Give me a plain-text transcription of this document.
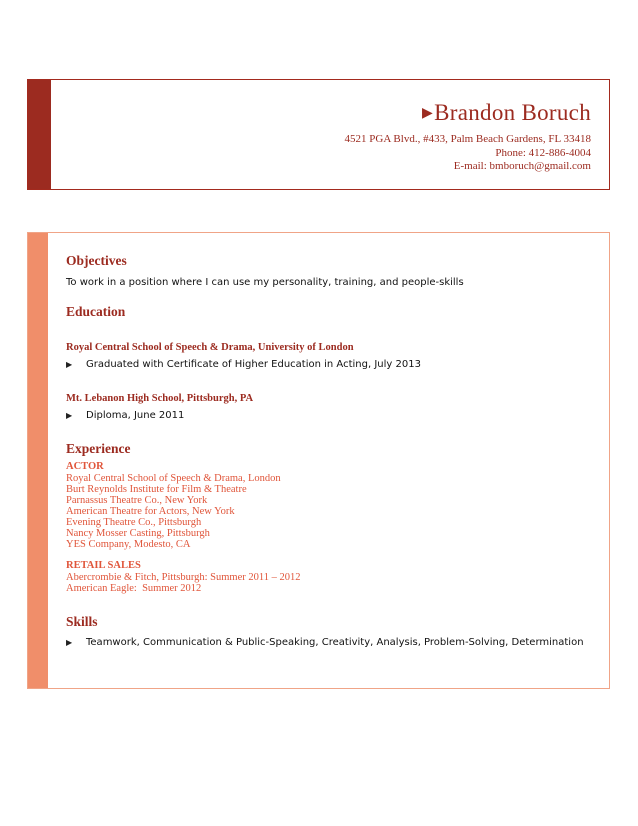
▶Brandon Boruch
4521 PGA Blvd., #433, Palm Beach Gardens, FL 33418
Phone: 412-886-4004
E-mail: bmboruch@gmail.com
Objectives
To work in a position where I can use my personality, training, and people-skills
Education
Royal Central School of Speech & Drama, University of London
▶ Graduated with Certificate of Higher Education in Acting, July 2013
Mt. Lebanon High School, Pittsburgh, PA
▶ Diploma, June 2011
Experience
ACTOR
Royal Central School of Speech & Drama, London
Burt Reynolds Institute for Film & Theatre
Parnassus Theatre Co., New York
American Theatre for Actors, New York
Evening Theatre Co., Pittsburgh
Nancy Mosser Casting, Pittsburgh
YES Company, Modesto, CA
RETAIL SALES
Abercrombie & Fitch, Pittsburgh: Summer 2011 – 2012
American Eagle:  Summer 2012
Skills
▶ Teamwork, Communication & Public-Speaking, Creativity, Analysis, Problem-Solving, Determination
